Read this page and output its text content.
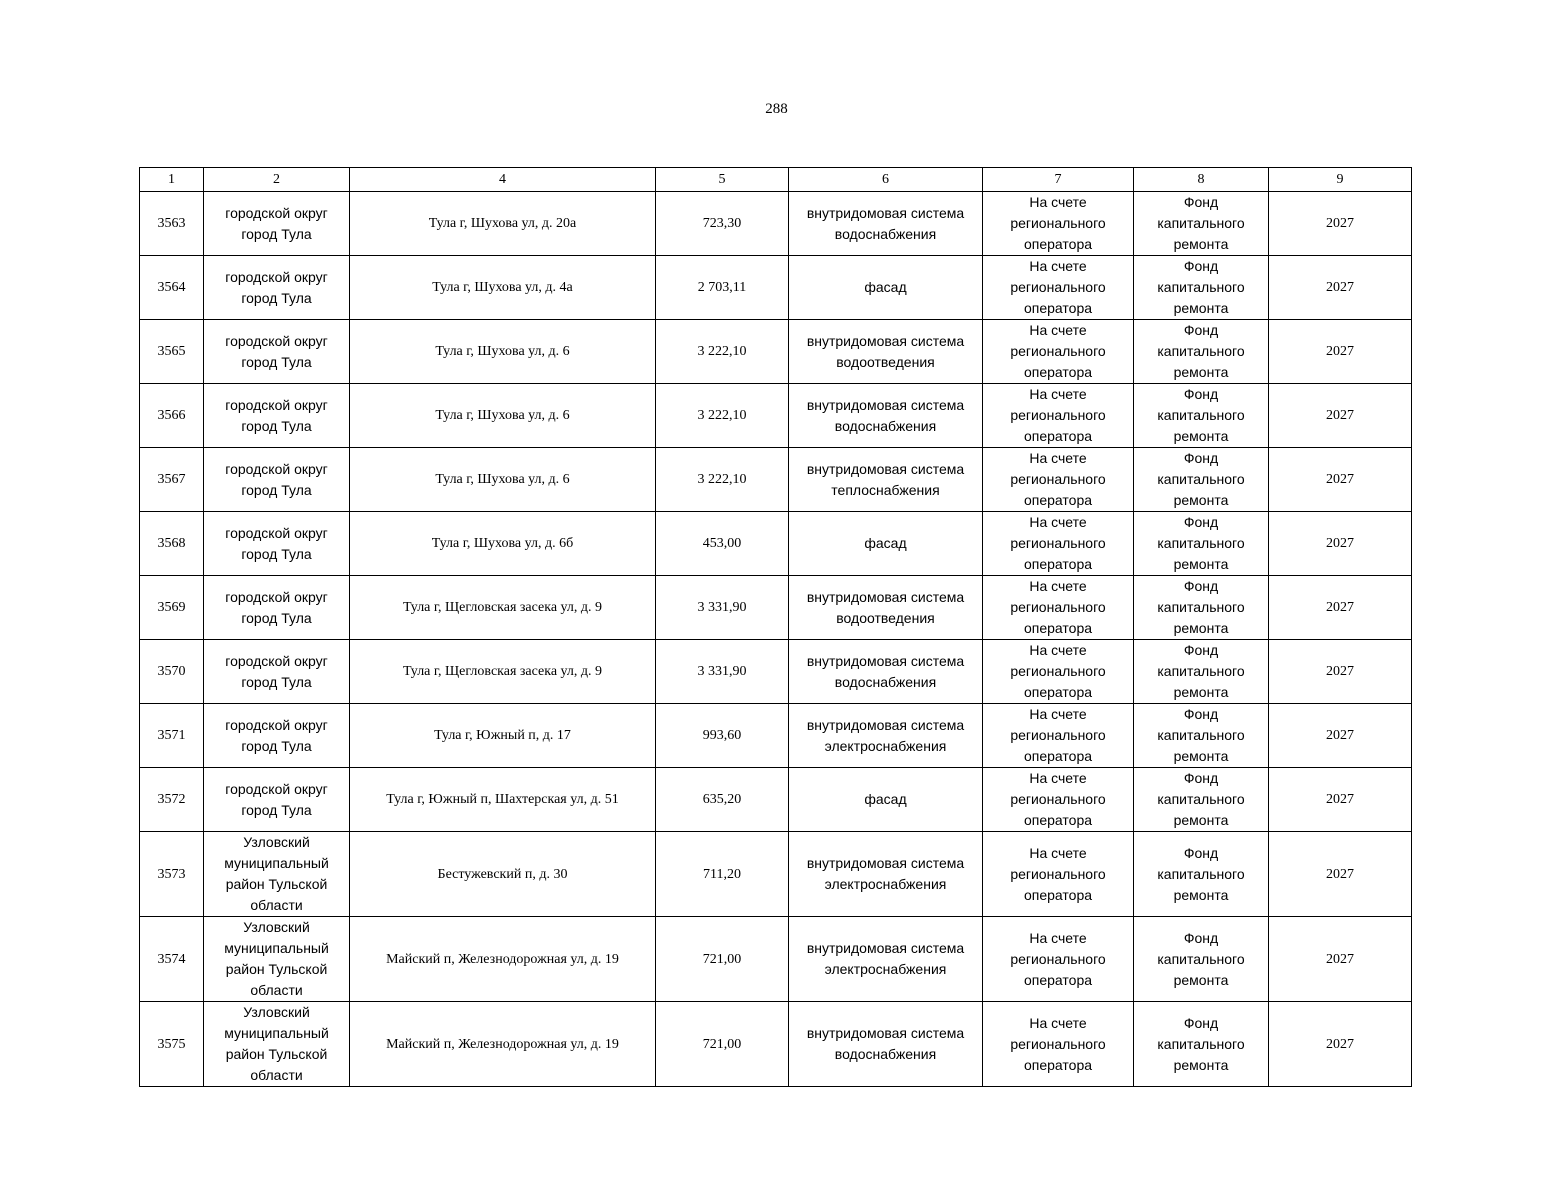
288
1	2	4	5	6	7	8	9
3563	городской округ
город Тула	Тула г, Шухова ул, д. 20а	723,30	внутридомовая система
водоснабжения	На счете
регионального
оператора	Фонд
капитального
ремонта	2027
3564	городской округ
город Тула	Тула г, Шухова ул, д. 4а	2 703,11	фасад	На счете
регионального
оператора	Фонд
капитального
ремонта	2027
3565	городской округ
город Тула	Тула г, Шухова ул, д. 6	3 222,10	внутридомовая система
водоотведения	На счете
регионального
оператора	Фонд
капитального
ремонта	2027
3566	городской округ
город Тула	Тула г, Шухова ул, д. 6	3 222,10	внутридомовая система
водоснабжения	На счете
регионального
оператора	Фонд
капитального
ремонта	2027
3567	городской округ
город Тула	Тула г, Шухова ул, д. 6	3 222,10	внутридомовая система
теплоснабжения	На счете
регионального
оператора	Фонд
капитального
ремонта	2027
3568	городской округ
город Тула	Тула г, Шухова ул, д. 6б	453,00	фасад	На счете
регионального
оператора	Фонд
капитального
ремонта	2027
3569	городской округ
город Тула	Тула г, Щегловская засека ул, д. 9	3 331,90	внутридомовая система
водоотведения	На счете
регионального
оператора	Фонд
капитального
ремонта	2027
3570	городской округ
город Тула	Тула г, Щегловская засека ул, д. 9	3 331,90	внутридомовая система
водоснабжения	На счете
регионального
оператора	Фонд
капитального
ремонта	2027
3571	городской округ
город Тула	Тула г, Южный п, д. 17	993,60	внутридомовая система
электроснабжения	На счете
регионального
оператора	Фонд
капитального
ремонта	2027
3572	городской округ
город Тула	Тула г, Южный п, Шахтерская ул, д. 51	635,20	фасад	На счете
регионального
оператора	Фонд
капитального
ремонта	2027
3573	Узловский
муниципальный
район Тульской
области	Бестужевский п, д. 30	711,20	внутридомовая система
электроснабжения	На счете
регионального
оператора	Фонд
капитального
ремонта	2027
3574	Узловский
муниципальный
район Тульской
области	Майский п, Железнодорожная ул, д. 19	721,00	внутридомовая система
электроснабжения	На счете
регионального
оператора	Фонд
капитального
ремонта	2027
3575	Узловский
муниципальный
район Тульской
области	Майский п, Железнодорожная ул, д. 19	721,00	внутридомовая система
водоснабжения	На счете
регионального
оператора	Фонд
капитального
ремонта	2027
